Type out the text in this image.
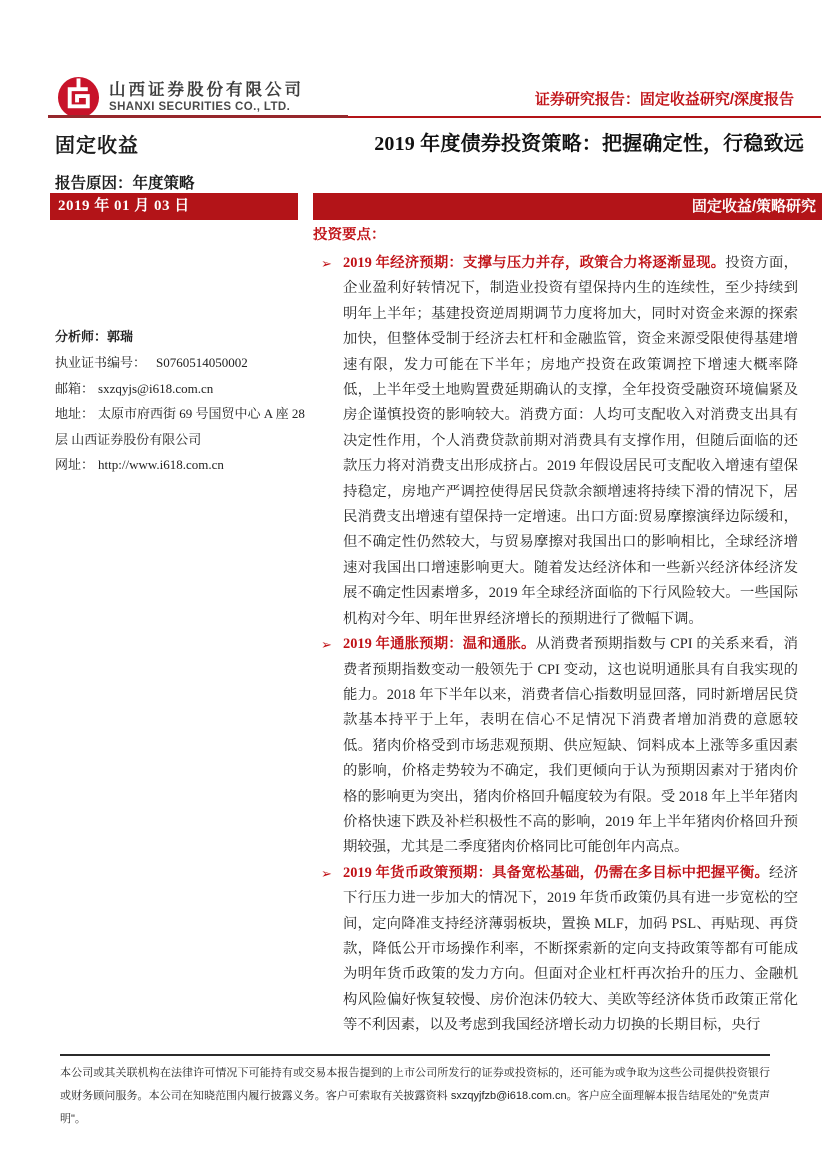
山西证券股份有限公司
SHANXI SECURITIES CO., LTD.	证券研究报告：固定收益研究/深度报告
固定收益	2019 年度债券投资策略：把握确定性，行稳致远
报告原因：年度策略
2019 年 01 月 03 日	固定收益/策略研究

分析师：郭瑞

执业证书编号： S0760514050002

邮箱： sxzqyjs@i618.com.cn

地址： 太原市府西街 69 号国贸中心 A 座 28 层 山西证券股份有限公司

网址： http://www.i618.com.cn

投资要点：
➢ 2019 年经济预期：支撑与压力并存，政策合力将逐渐显现。投资方面，企业盈利好转情况下，制造业投资有望保持内生的连续性，至少持续到明年上半年；基建投资逆周期调节力度将加大，同时对资金来源的探索加快，但整体受制于经济去杠杆和金融监管，资金来源受限使得基建增速有限，发力可能在下半年；房地产投资在政策调控下增速大概率降低，上半年受土地购置费延期确认的支撑，全年投资受融资环境偏紧及房企谨慎投资的影响较大。消费方面：人均可支配收入对消费支出具有决定性作用，个人消费贷款前期对消费具有支撑作用，但随后面临的还款压力将对消费支出形成挤占。2019 年假设居民可支配收入增速有望保持稳定，房地产严调控使得居民贷款余额增速将持续下滑的情况下，居民消费支出增速有望保持一定增速。出口方面:贸易摩擦演绎边际缓和，但不确定性仍然较大，与贸易摩擦对我国出口的影响相比，全球经济增速对我国出口增速影响更大。随着发达经济体和一些新兴经济体经济发展不确定性因素增多，2019 年全球经济面临的下行风险较大。一些国际机构对今年、明年世界经济增长的预期进行了微幅下调。

➢ 2019 年通胀预期：温和通胀。从消费者预期指数与 CPI 的关系来看，消费者预期指数变动一般领先于 CPI 变动，这也说明通胀具有自我实现的能力。2018 年下半年以来，消费者信心指数明显回落，同时新增居民贷款基本持平于上年，表明在信心不足情况下消费者增加消费的意愿较低。猪肉价格受到市场悲观预期、供应短缺、饲料成本上涨等多重因素的影响，价格走势较为不确定，我们更倾向于认为预期因素对于猪肉价格的影响更为突出，猪肉价格回升幅度较为有限。受 2018 年上半年猪肉价格快速下跌及补栏积极性不高的影响，2019 年上半年猪肉价格回升预期较强，尤其是二季度猪肉价格同比可能创年内高点。

➢ 2019 年货币政策预期：具备宽松基础，仍需在多目标中把握平衡。经济下行压力进一步加大的情况下，2019 年货币政策仍具有进一步宽松的空间，定向降准支持经济薄弱板块，置换 MLF，加码 PSL、再贴现、再贷款，降低公开市场操作利率，不断探索新的定向支持政策等都有可能成为明年货币政策的发力方向。但面对企业杠杆再次抬升的压力、金融机构风险偏好恢复较慢、房价泡沫仍较大、美欧等经济体货币政策正常化等不利因素，以及考虑到我国经济增长动力切换的长期目标，央行

本公司或其关联机构在法律许可情况下可能持有或交易本报告提到的上市公司所发行的证券或投资标的，还可能为或争取为这些公司提供投资银行或财务顾问服务。本公司在知晓范围内履行披露义务。客户可索取有关披露资料 sxzqyjfzb@i618.com.cn。客户应全面理解本报告结尾处的"免责声明"。
